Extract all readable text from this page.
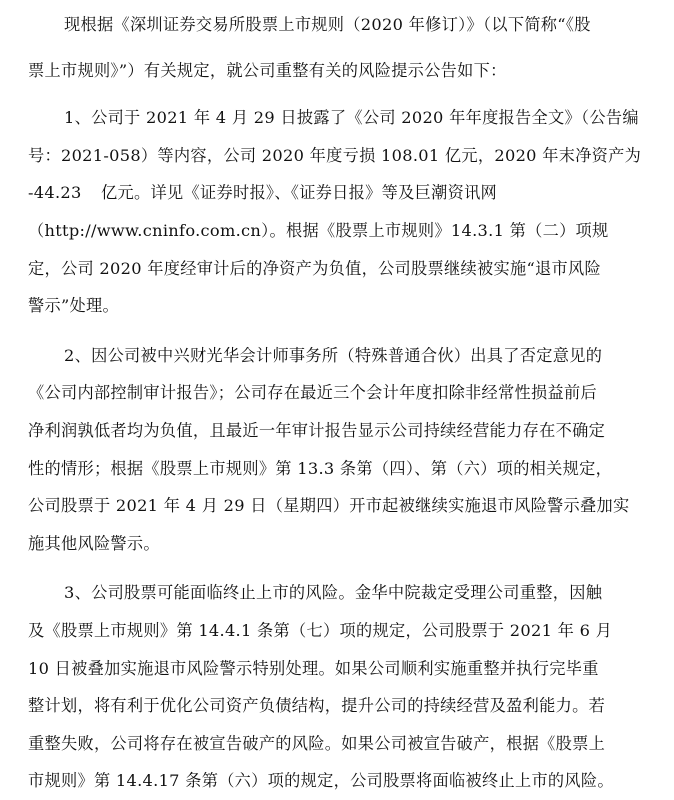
现根据《深圳证券交易所股票上市规则（2020 年修订）》（以下简称“《股
票上市规则》”）有关规定，就公司重整有关的风险提示公告如下：

1、公司于 2021 年 4 月 29 日披露了《公司 2020 年年度报告全文》（公告编
号：2021-058）等内容，公司 2020 年度亏损 108.01 亿元，2020 年末净资产为
-44.23 亿元。详见《证券时报》、《证券日报》等及巨潮资讯网
（http://www.cninfo.com.cn）。根据《股票上市规则》14.3.1 第（二）项规
定，公司 2020 年度经审计后的净资产为负值，公司股票继续被实施“退市风险
警示”处理。

2、因公司被中兴财光华会计师事务所（特殊普通合伙）出具了否定意见的
《公司内部控制审计报告》；公司存在最近三个会计年度扣除非经常性损益前后
净利润孰低者均为负值，且最近一年审计报告显示公司持续经营能力存在不确定
性的情形；根据《股票上市规则》第 13.3 条第（四）、第（六）项的相关规定，
公司股票于 2021 年 4 月 29 日（星期四）开市起被继续实施退市风险警示叠加实
施其他风险警示。

3、公司股票可能面临终止上市的风险。金华中院裁定受理公司重整，因触
及《股票上市规则》第 14.4.1 条第（七）项的规定，公司股票于 2021 年 6 月
10 日被叠加实施退市风险警示特别处理。如果公司顺利实施重整并执行完毕重
整计划，将有利于优化公司资产负债结构，提升公司的持续经营及盈利能力。若
重整失败，公司将存在被宣告破产的风险。如果公司被宣告破产，根据《股票上
市规则》第 14.4.17 条第（六）项的规定，公司股票将面临被终止上市的风险。
